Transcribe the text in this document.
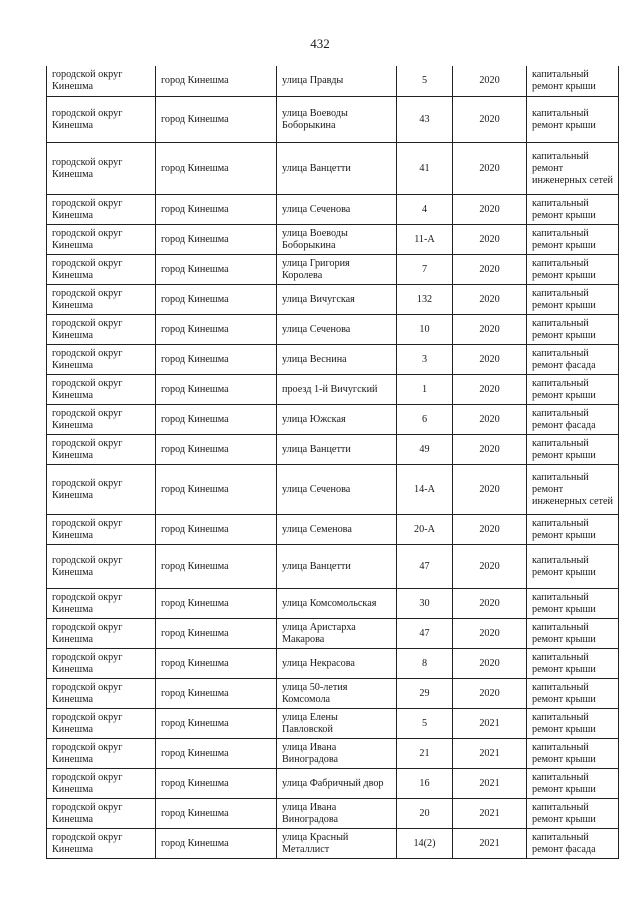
432
городской округ Кинешма	город Кинешма	улица Правды	5	2020	капитальный ремонт крыши
городской округ Кинешма	город Кинешма	улица Воеводы Боборыкина	43	2020	капитальный ремонт крыши
городской округ Кинешма	город Кинешма	улица Ванцетти	41	2020	капитальный ремонт инженерных сетей
городской округ Кинешма	город Кинешма	улица Сеченова	4	2020	капитальный ремонт крыши
городской округ Кинешма	город Кинешма	улица Воеводы Боборыкина	11-А	2020	капитальный ремонт крыши
городской округ Кинешма	город Кинешма	улица Григория Королева	7	2020	капитальный ремонт крыши
городской округ Кинешма	город Кинешма	улица Вичугская	132	2020	капитальный ремонт крыши
городской округ Кинешма	город Кинешма	улица Сеченова	10	2020	капитальный ремонт крыши
городской округ Кинешма	город Кинешма	улица Веснина	3	2020	капитальный ремонт фасада
городской округ Кинешма	город Кинешма	проезд 1-й Вичугский	1	2020	капитальный ремонт крыши
городской округ Кинешма	город Кинешма	улица Южская	6	2020	капитальный ремонт фасада
городской округ Кинешма	город Кинешма	улица Ванцетти	49	2020	капитальный ремонт крыши
городской округ Кинешма	город Кинешма	улица Сеченова	14-А	2020	капитальный ремонт инженерных сетей
городской округ Кинешма	город Кинешма	улица Семенова	20-А	2020	капитальный ремонт крыши
городской округ Кинешма	город Кинешма	улица Ванцетти	47	2020	капитальный ремонт крыши
городской округ Кинешма	город Кинешма	улица Комсомольская	30	2020	капитальный ремонт крыши
городской округ Кинешма	город Кинешма	улица Аристарха Макарова	47	2020	капитальный ремонт крыши
городской округ Кинешма	город Кинешма	улица Некрасова	8	2020	капитальный ремонт крыши
городской округ Кинешма	город Кинешма	улица 50-летия Комсомола	29	2020	капитальный ремонт крыши
городской округ Кинешма	город Кинешма	улица Елены Павловской	5	2021	капитальный ремонт крыши
городской округ Кинешма	город Кинешма	улица Ивана Виноградова	21	2021	капитальный ремонт крыши
городской округ Кинешма	город Кинешма	улица Фабричный двор	16	2021	капитальный ремонт крыши
городской округ Кинешма	город Кинешма	улица Ивана Виноградова	20	2021	капитальный ремонт крыши
городской округ Кинешма	город Кинешма	улица Красный Металлист	14(2)	2021	капитальный ремонт фасада
